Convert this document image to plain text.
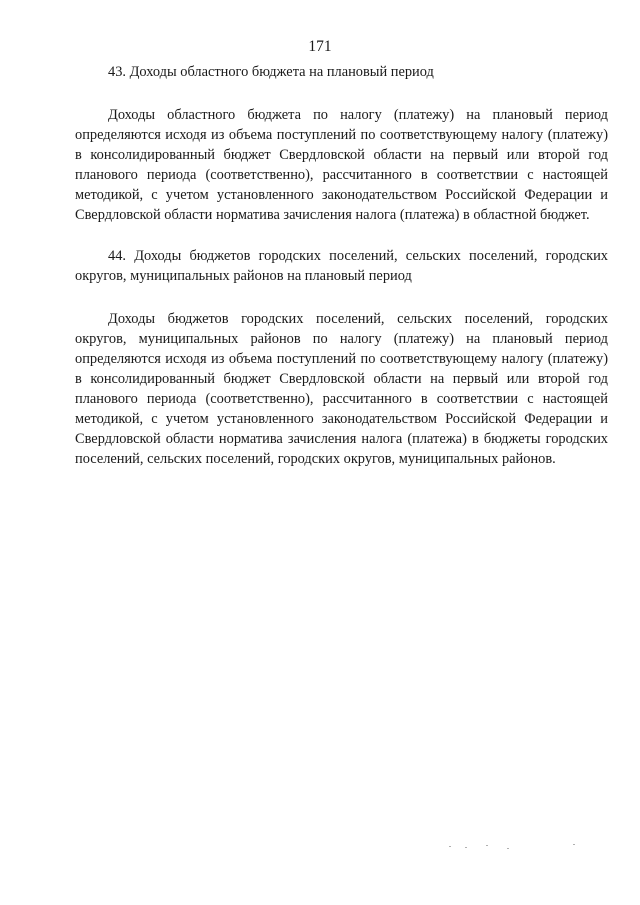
171

43. Доходы областного бюджета на плановый период

Доходы областного бюджета по налогу (платежу) на плановый период определяются исходя из объема поступлений по соответствующему налогу (платежу) в консолидированный бюджет Свердловской области на первый или второй год планового периода (соответственно), рассчитанного в соответствии с настоящей методикой, с учетом установленного законодательством Российской Федерации и Свердловской области норматива зачисления налога (платежа) в областной бюджет.

44. Доходы бюджетов городских поселений, сельских поселений, городских округов, муниципальных районов на плановый период

Доходы бюджетов городских поселений, сельских поселений, городских округов, муниципальных районов по налогу (платежу) на плановый период определяются исходя из объема поступлений по соответствующему налогу (платежу) в консолидированный бюджет Свердловской области на первый или второй год планового периода (соответственно), рассчитанного в соответствии с настоящей методикой, с учетом установленного законодательством Российской Федерации и Свердловской области норматива зачисления налога (платежа) в бюджеты городских поселений, сельских поселений, городских округов, муниципальных районов.
